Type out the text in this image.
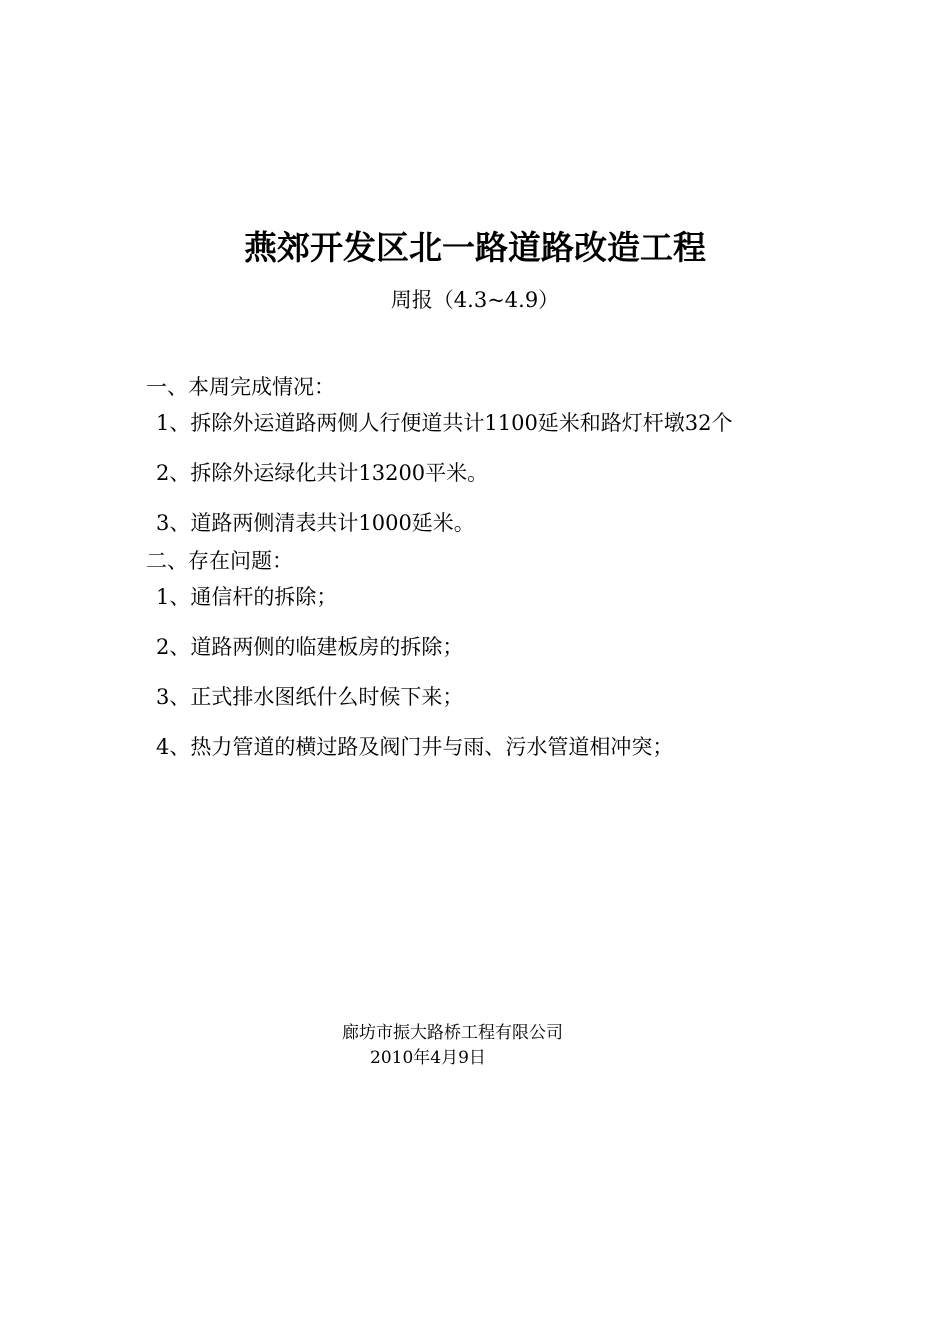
燕郊开发区北一路道路改造工程
周报（4.3~4.9）
一、本周完成情况：
1、拆除外运道路两侧人行便道共计1100延米和路灯杆墩32个
2、拆除外运绿化共计13200平米。
3、道路两侧清表共计1000延米。
二、存在问题：
1、通信杆的拆除；
2、道路两侧的临建板房的拆除；
3、正式排水图纸什么时候下来；
4、热力管道的横过路及阀门井与雨、污水管道相冲突；
廊坊市振大路桥工程有限公司
2010年4月9日
